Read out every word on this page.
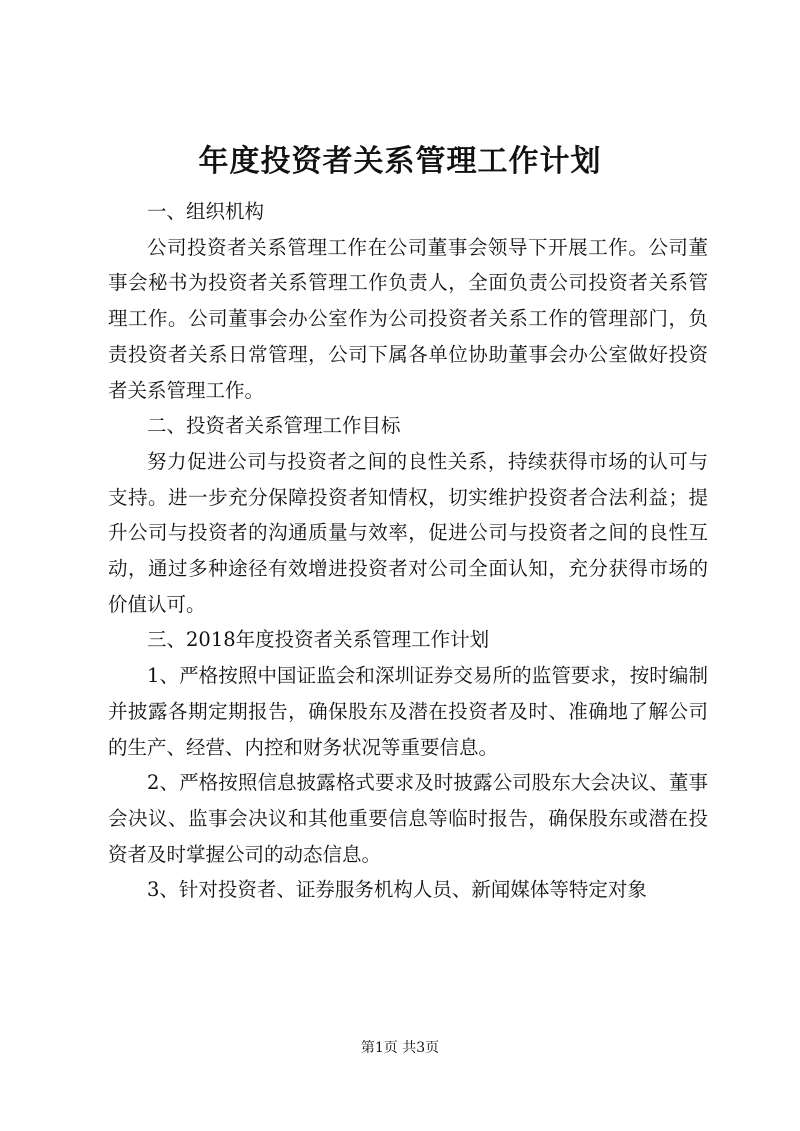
年度投资者关系管理工作计划

一、组织机构

公司投资者关系管理工作在公司董事会领导下开展工作。公司董事会秘书为投资者关系管理工作负责人，全面负责公司投资者关系管理工作。公司董事会办公室作为公司投资者关系工作的管理部门，负责投资者关系日常管理，公司下属各单位协助董事会办公室做好投资者关系管理工作。

二、投资者关系管理工作目标

努力促进公司与投资者之间的良性关系，持续获得市场的认可与支持。进一步充分保障投资者知情权，切实维护投资者合法利益；提升公司与投资者的沟通质量与效率，促进公司与投资者之间的良性互动，通过多种途径有效增进投资者对公司全面认知，充分获得市场的价值认可。

三、2018年度投资者关系管理工作计划

1、严格按照中国证监会和深圳证券交易所的监管要求，按时编制并披露各期定期报告，确保股东及潜在投资者及时、准确地了解公司的生产、经营、内控和财务状况等重要信息。

2、严格按照信息披露格式要求及时披露公司股东大会决议、董事会决议、监事会决议和其他重要信息等临时报告，确保股东或潜在投资者及时掌握公司的动态信息。

3、针对投资者、证券服务机构人员、新闻媒体等特定对象

第1页 共3页
